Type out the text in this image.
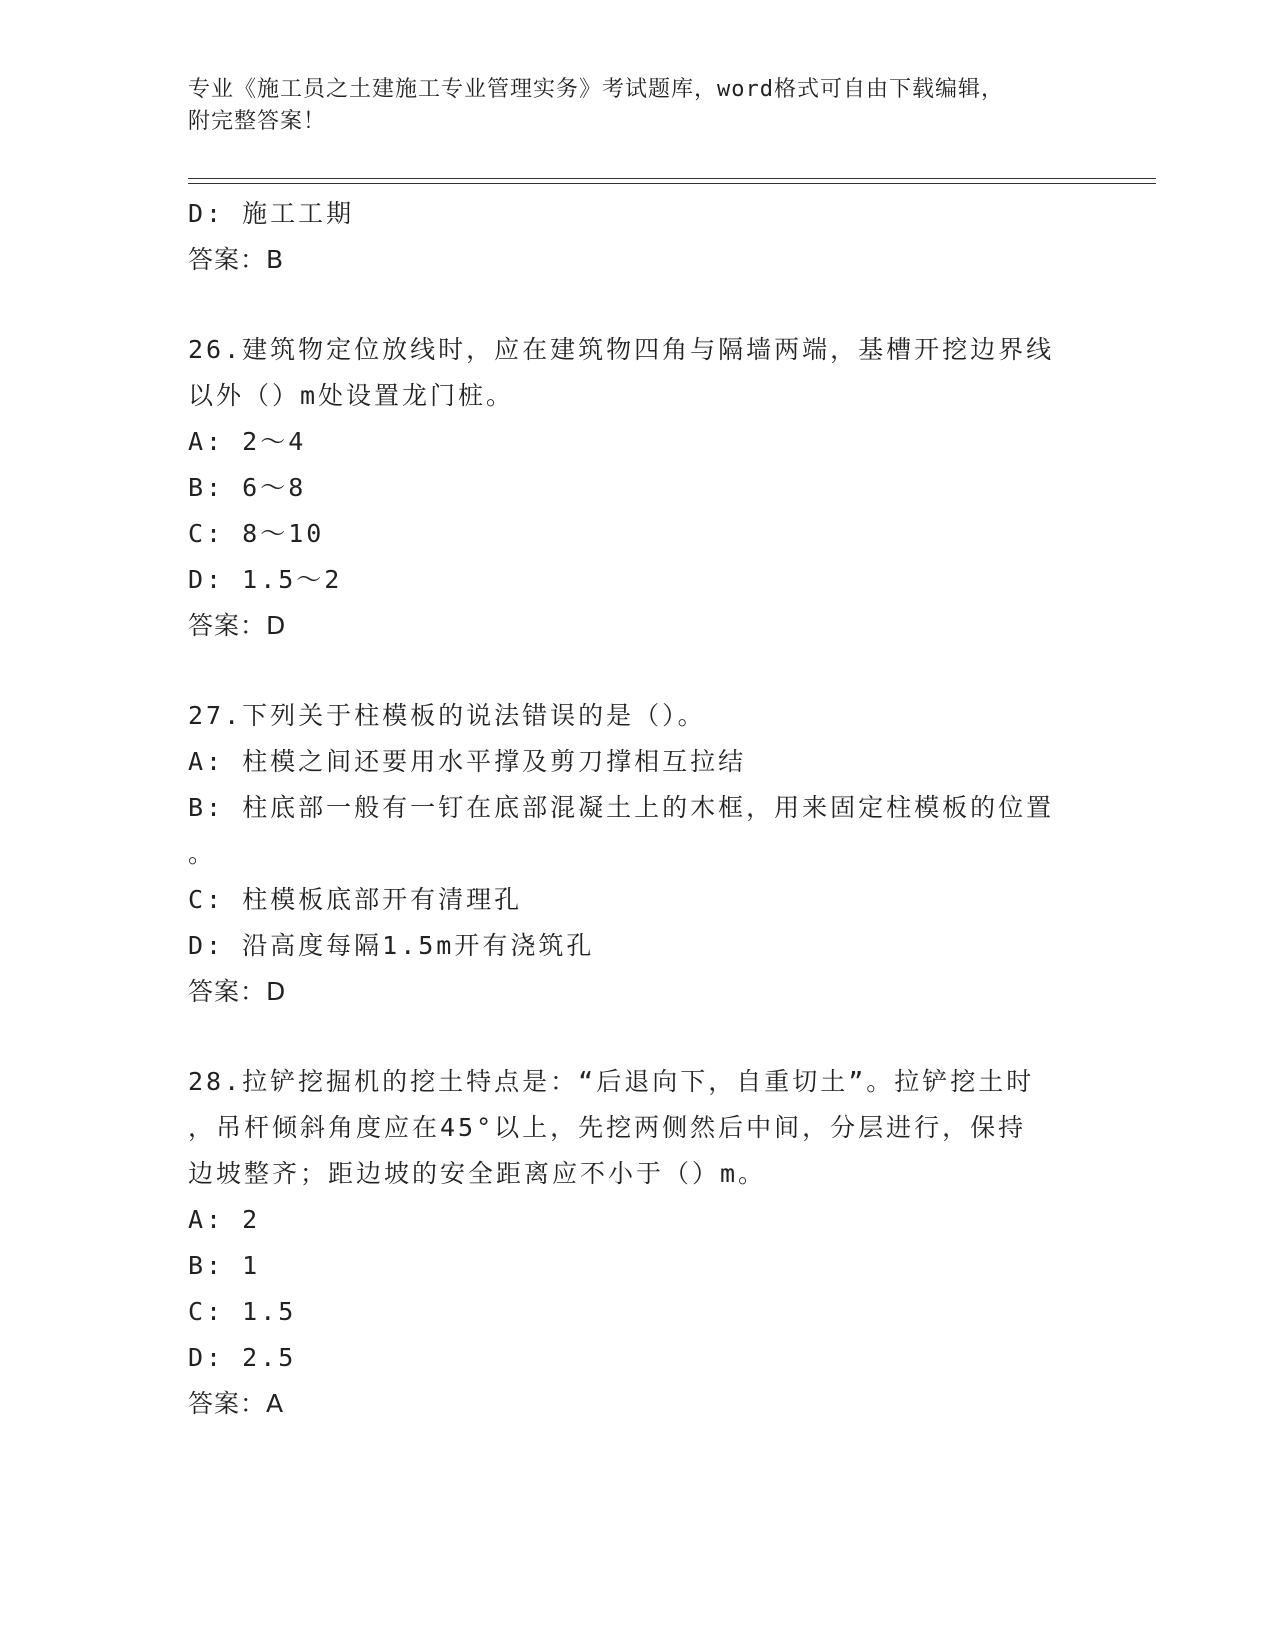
专业《施工员之土建施工专业管理实务》考试题库，word格式可自由下载编辑，
附完整答案！
D: 施工工期
答案：B
26.建筑物定位放线时，应在建筑物四角与隔墙两端，基槽开挖边界线
以外（）m处设置龙门桩。
A: 2～4
B: 6～8
C: 8～10
D: 1.5～2
答案：D
27.下列关于柱模板的说法错误的是（）。
A: 柱模之间还要用水平撑及剪刀撑相互拉结
B: 柱底部一般有一钉在底部混凝土上的木框，用来固定柱模板的位置
。
C: 柱模板底部开有清理孔
D: 沿高度每隔1.5m开有浇筑孔
答案：D
28.拉铲挖掘机的挖土特点是：“后退向下，自重切土”。拉铲挖土时
，吊杆倾斜角度应在45°以上，先挖两侧然后中间，分层进行，保持
边坡整齐；距边坡的安全距离应不小于（）m。
A: 2
B: 1
C: 1.5
D: 2.5
答案：A
